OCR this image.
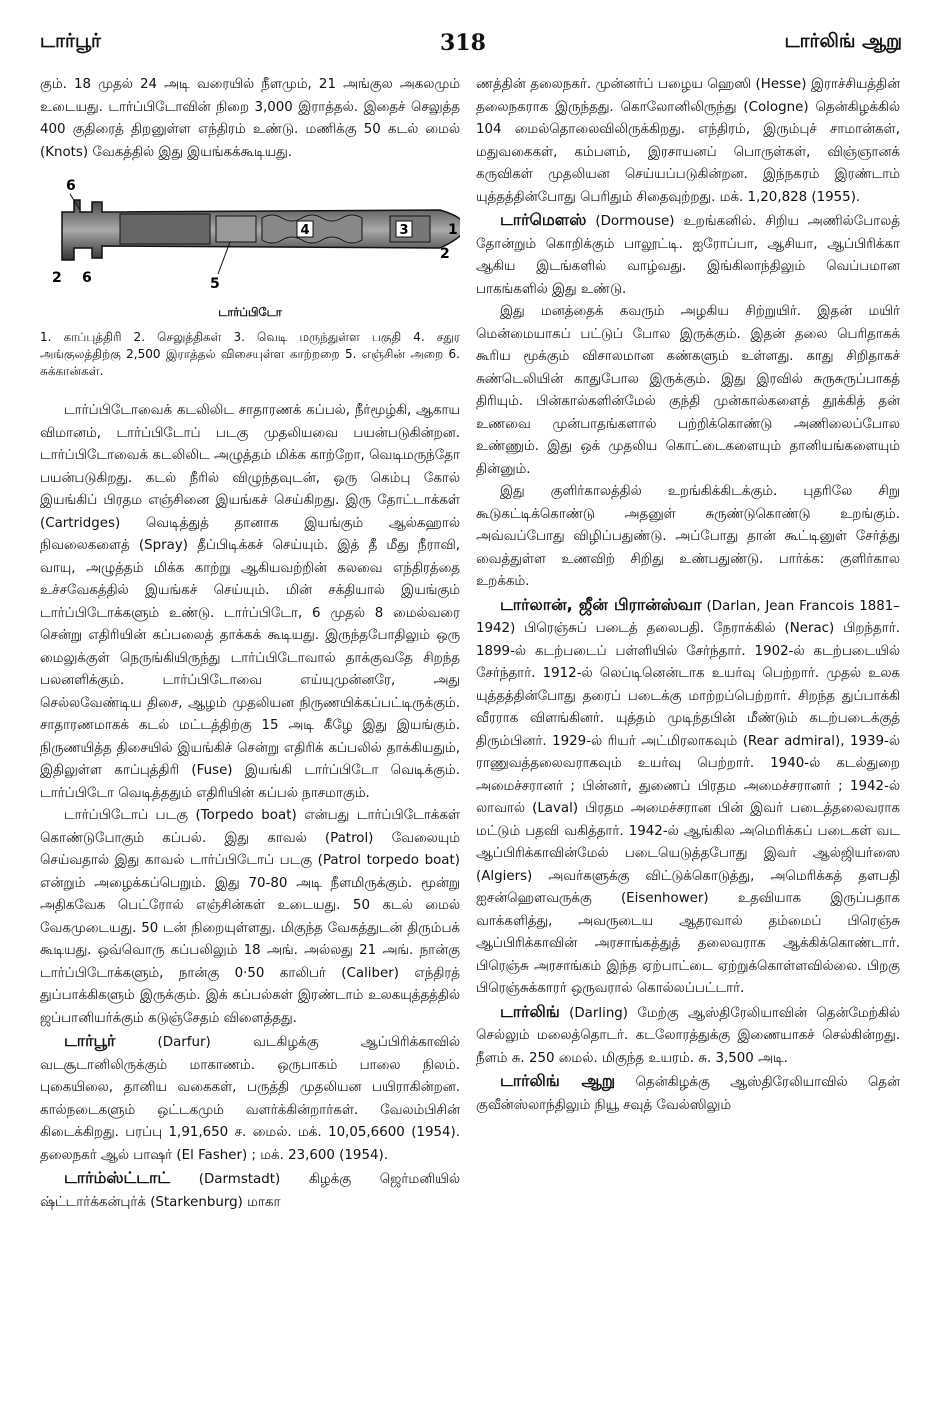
டார்பூர்	318	டார்லிங் ஆறு

கும். 18 முதல் 24 அடி வரையில் நீளமும், 21 அங்குல அகலமும் உடையது. டார்ப்பிடோவின் நிறை 3,000 இராத்தல். இதைச் செலுத்த 400 குதிரைத் திறனுள்ள எந்திரம் உண்டு. மணிக்கு 50 கடல் மைல் (Knots) வேகத்தில் இது இயங்கக்கூடியது.

4	3
6
2 6	5
1
2
டார்ப்பிடோ
1. காப்புத்திரி 2. செலுத்திகள் 3. வெடி மருந்துள்ள பகுதி 4. சதுர அங்குலத்திற்கு 2,500 இராத்தல் விசையுள்ள காற்றறை 5. எஞ்சின் அறை 6. சுக்கான்கள்.

டார்ப்பிடோவைக் கடலிலிட சாதாரணக் கப்பல், நீர்மூழ்கி, ஆகாய விமானம், டார்ப்பிடோப் படகு முதலியவை பயன்படுகின்றன. டார்ப்பிடோவைக் கடலிலிட அழுத்தம் மிக்க காற்றோ, வெடிமருந்தோ பயன்படுகிறது. கடல் நீரில் விழுந்தவுடன், ஒரு கெம்பு கோல் இயங்கிப் பிரதம எஞ்சினை இயங்கச் செய்கிறது. இரு தோட்டாக்கள் (Cartridges) வெடித்துத் தானாக இயங்கும் ஆல்கஹால் நிவலைகளைத் (Spray) தீப்பிடிக்கச் செய்யும். இத் தீ மீது நீராவி, வாயு, அழுத்தம் மிக்க காற்று ஆகியவற்றின் கலவை எந்திரத்தை உச்சவேகத்தில் இயங்கச் செய்யும். மின் சக்தியால் இயங்கும் டார்ப்பிடோக்களும் உண்டு. டார்ப்பிடோ, 6 முதல் 8 மைல்வரை சென்று எதிரியின் கப்பலைத் தாக்கக் கூடியது. இருந்தபோதிலும் ஒரு மைலுக்குள் நெருங்கியிருந்து டார்ப்பிடோவால் தாக்குவதே சிறந்த பலனளிக்கும். டார்ப்பிடோவை எய்யுமுன்னரே, அது செல்லவேண்டிய திசை, ஆழம் முதலியன நிருணயிக்கப்பட்டிருக்கும். சாதாரணமாகக் கடல் மட்டத்திற்கு 15 அடி கீழே இது இயங்கும். நிருணயித்த திசையில் இயங்கிச் சென்று எதிரிக் கப்பலில் தாக்கியதும், இதிலுள்ள காப்புத்திரி (Fuse) இயங்கி டார்ப்பிடோ வெடிக்கும். டார்ப்பிடோ வெடித்ததும் எதிரியின் கப்பல் நாசமாகும்.

டார்ப்பிடோப் படகு (Torpedo boat) என்பது டார்ப்பிடோக்கள் கொண்டுபோகும் கப்பல். இது காவல் (Patrol) வேலையும் செய்வதால் இது காவல் டார்ப்பிடோப் படகு (Patrol torpedo boat) என்றும் அழைக்கப்பெறும். இது 70-80 அடி நீளமிருக்கும். மூன்று அதிகவேக பெட்ரோல் எஞ்சின்கள் உடையது. 50 கடல் மைல் வேகமுடையது. 50 டன் நிறையுள்ளது. மிகுந்த வேகத்துடன் திரும்பக் கூடியது. ஒவ்வொரு கப்பலிலும் 18 அங். அல்லது 21 அங். நான்கு டார்ப்பிடோக்களும், நான்கு 0·50 காலிபர் (Caliber) எந்திரத் துப்பாக்கிகளும் இருக்கும். இக் கப்பல்கள் இரண்டாம் உலகயுத்தத்தில் ஜப்பானியர்க்கும் கடுஞ்சேதம் விளைத்தது.

டார்பூர் (Darfur) வடகிழக்கு ஆப்பிரிக்காவில் வடசூடானிலிருக்கும் மாகாணம். ஒருபாகம் பாலை நிலம். புகையிலை, தானிய வகைகள், பருத்தி முதலியன பயிராகின்றன. கால்நடைகளும் ஒட்டகமும் வளர்க்கின்றார்கள். வேலம்பிசின் கிடைக்கிறது. பரப்பு 1,91,650 ச. மைல். மக். 10,05,6600 (1954). தலைநகர் ஆல் பாஷர் (El Fasher) ; மக். 23,600 (1954).

டார்ம்ஸ்ட்டாட் (Darmstadt) கிழக்கு ஜெர்மனியில் ஷ்ட்டார்க்கன்புர்க் (Starkenburg) மாகா

ணத்தின் தலைநகர். முன்னர்ப் பழைய ஹெஸி (Hesse) இராச்சியத்தின் தலைநகராக இருந்தது. கொலோனிலிருந்து (Cologne) தென்கிழக்கில் 104 மைல்தொலைவிலிருக்கிறது. எந்திரம், இரும்புச் சாமான்கள், மதுவகைகள், கம்பளம், இரசாயனப் பொருள்கள், விஞ்ஞானக் கருவிகள் முதலியன செய்யப்படுகின்றன. இந்நகரம் இரண்டாம் யுத்தத்தின்போது பெரிதும் சிதைவுற்றது. மக். 1,20,828 (1955).

டார்மௌஸ் (Dormouse) உறங்கனில். சிறிய அணில்போலத் தோன்றும் கொறிக்கும் பாலூட்டி. ஐரோப்பா, ஆசியா, ஆப்பிரிக்கா ஆகிய இடங்களில் வாழ்வது. இங்கிலாந்திலும் வெப்பமான பாகங்களில் இது உண்டு.

இது மனத்தைக் கவரும் அழகிய சிற்றுயிர். இதன் மயிர் மென்மையாகப் பட்டுப் போல இருக்கும். இதன் தலை பெரிதாகக் கூரிய மூக்கும் விசாலமான கண்களும் உள்ளது. காது சிறிதாகச் சுண்டெலியின் காதுபோல இருக்கும். இது இரவில் சுருசுருப்பாகத் திரியும். பின்கால்களின்மேல் குந்தி முன்கால்களைத் தூக்கித் தன் உணவை முன்பாதங்களால் பற்றிக்கொண்டு அணிலைப்போல உண்ணும். இது ஒக் முதலிய கொட்டைகளையும் தானியங்களையும் தின்னும்.

இது குளிர்காலத்தில் உறங்கிக்கிடக்கும். புதரிலே சிறு கூடுகட்டிக்கொண்டு அதனுள் சுருண்டுகொண்டு உறங்கும். அவ்வப்போது விழிப்பதுண்டு. அப்போது தான் கூட்டினுள் சேர்த்து வைத்துள்ள உணவிற் சிறிது உண்பதுண்டு. பார்க்க: குளிர்கால உறக்கம்.

டார்லான், ஜீன் பிரான்ஸ்வா (Darlan, Jean Francois 1881–1942) பிரெஞ்சுப் படைத் தலைபதி. நேராக்கில் (Nerac) பிறந்தார். 1899-ல் கடற்படைப் பள்ளியில் சேர்ந்தார். 1902-ல் கடற்படையில் சேர்ந்தார். 1912-ல் லெப்டினென்டாக உயர்வு பெற்றார். முதல் உலக யுத்தத்தின்போது தரைப் படைக்கு மாற்றப்பெற்றார். சிறந்த துப்பாக்கி வீரராக விளங்கினர். யுத்தம் முடிந்தபின் மீண்டும் கடற்படைக்குத் திரும்பினர். 1929-ல் ரியர் அட்மிரலாகவும் (Rear admiral), 1939-ல் ராணுவத்தலைவராகவும் உயர்வு பெற்றார். 1940-ல் கடல்துறை அமைச்சரானர் ; பின்னர், துணைப் பிரதம அமைச்சரானர் ; 1942-ல் லாவால் (Laval) பிரதம அமைச்சரான பின் இவர் படைத்தலைவராக மட்டும் பதவி வகித்தார். 1942-ல் ஆங்கில அமெரிக்கப் படைகள் வட ஆப்பிரிக்காவின்மேல் படையெடுத்தபோது இவர் ஆல்ஜியர்ஸை (Algiers) அவர்களுக்கு விட்டுக்கொடுத்து, அமெரிக்கத் தளபதி ஐசன்ஹௌவருக்கு (Eisenhower) உதவியாக இருப்பதாக வாக்களித்து, அவருடைய ஆதரவால் தம்மைப் பிரெஞ்சு ஆப்பிரிக்காவின் அரசாங்கத்துத் தலைவராக ஆக்கிக்கொண்டார். பிரெஞ்சு அரசாங்கம் இந்த ஏற்பாட்டை ஏற்றுக்கொள்ளவில்லை. பிறகு பிரெஞ்சுக்காரர் ஒருவரால் கொல்லப்பட்டார்.

டார்லிங் (Darling) மேற்கு ஆஸ்திரேலியாவின் தென்மேற்கில் செல்லும் மலைத்தொடர். கடலோரத்துக்கு இணையாகச் செல்கின்றது. நீளம் சு. 250 மைல். மிகுந்த உயரம். சு. 3,500 அடி.

டார்லிங் ஆறு தென்கிழக்கு ஆஸ்திரேலியாவில் தென் குவீன்ஸ்லாந்திலும் நியூ சவுத் வேல்ஸிலும்
